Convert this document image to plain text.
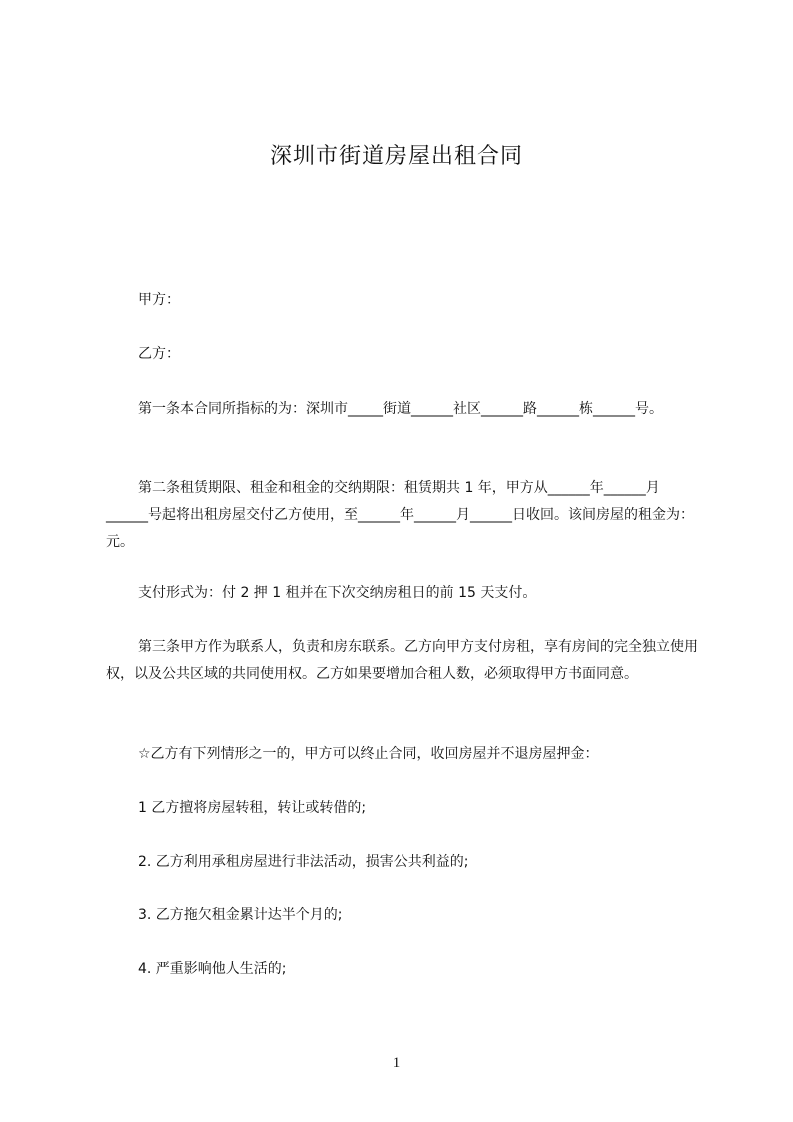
深圳市街道房屋出租合同

甲方：

乙方：

第一条本合同所指标的为：深圳市_____街道______社区______路______栋______号。

第二条租赁期限、租金和租金的交纳期限：租赁期共 1 年，甲方从______年______月______号起将出租房屋交付乙方使用，至______年______月______日收回。该间房屋的租金为：元。

支付形式为：付 2 押 1 租并在下次交纳房租日的前 15 天支付。

第三条甲方作为联系人，负责和房东联系。乙方向甲方支付房租，享有房间的完全独立使用权，以及公共区域的共同使用权。乙方如果要增加合租人数，必须取得甲方书面同意。

☆乙方有下列情形之一的，甲方可以终止合同，收回房屋并不退房屋押金：

1 乙方擅将房屋转租，转让或转借的;

2. 乙方利用承租房屋进行非法活动，损害公共利益的;

3. 乙方拖欠租金累计达半个月的;

4. 严重影响他人生活的;

1
